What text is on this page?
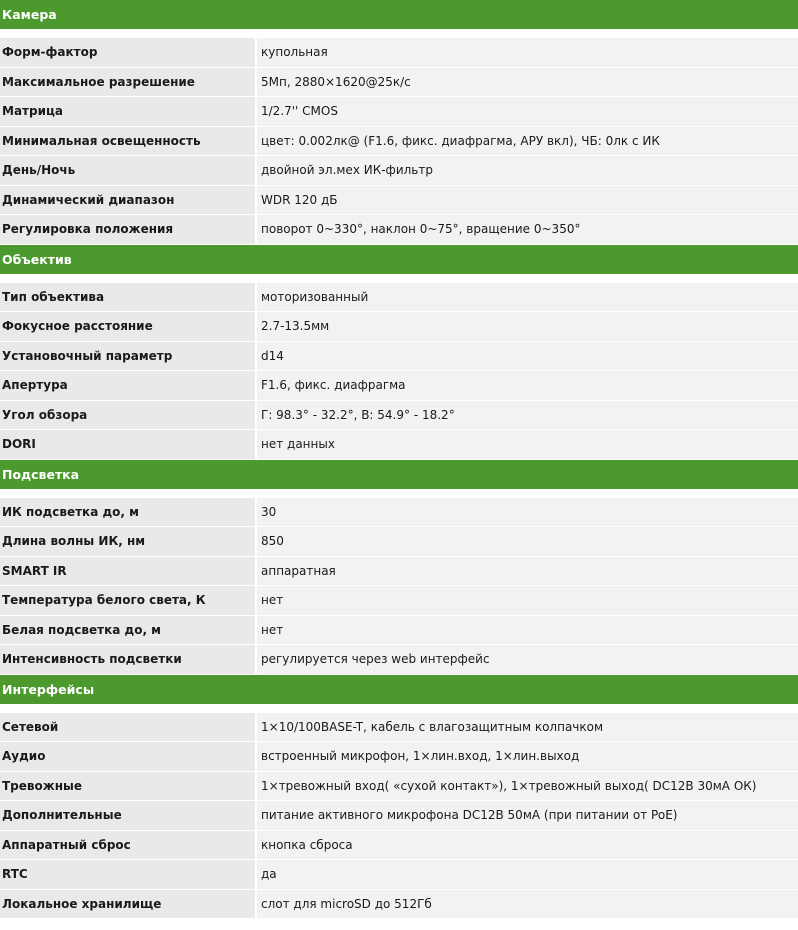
Камера
Форм-фактор	купольная
Максимальное разрешение	5Мп, 2880×1620@25к/с
Матрица	1/2.7'' CMOS
Минимальная освещенность	цвет: 0.002лк@ (F1.6, фикс. диафрагма, АРУ вкл), ЧБ: 0лк с ИК
День/Ночь	двойной эл.мех ИК-фильтр
Динамический диапазон	WDR 120 дБ
Регулировка положения	поворот 0~330°, наклон 0~75°, вращение 0~350°
Объектив
Тип объектива	моторизованный
Фокусное расстояние	2.7-13.5мм
Установочный параметр	d14
Апертура	F1.6, фикс. диафрагма
Угол обзора	Г: 98.3° - 32.2°, В: 54.9° - 18.2°
DORI	нет данных
Подсветка
ИК подсветка до, м	30
Длина волны ИК, нм	850
SMART IR	аппаратная
Температура белого света, К	нет
Белая подсветка до, м	нет
Интенсивность подсветки	регулируется через web интерфейс
Интерфейсы
Сетевой	1×10/100BASE-T, кабель с влагозащитным колпачком
Аудио	встроенный микрофон, 1×лин.вход, 1×лин.выход
Тревожные	1×тревожный вход( «сухой контакт»), 1×тревожный выход( DC12В 30мА ОК)
Дополнительные	питание активного микрофона DC12В 50мА (при питании от PoE)
Аппаратный сброс	кнопка сброса
RTC	да
Локальное хранилище	слот для microSD до 512Гб
